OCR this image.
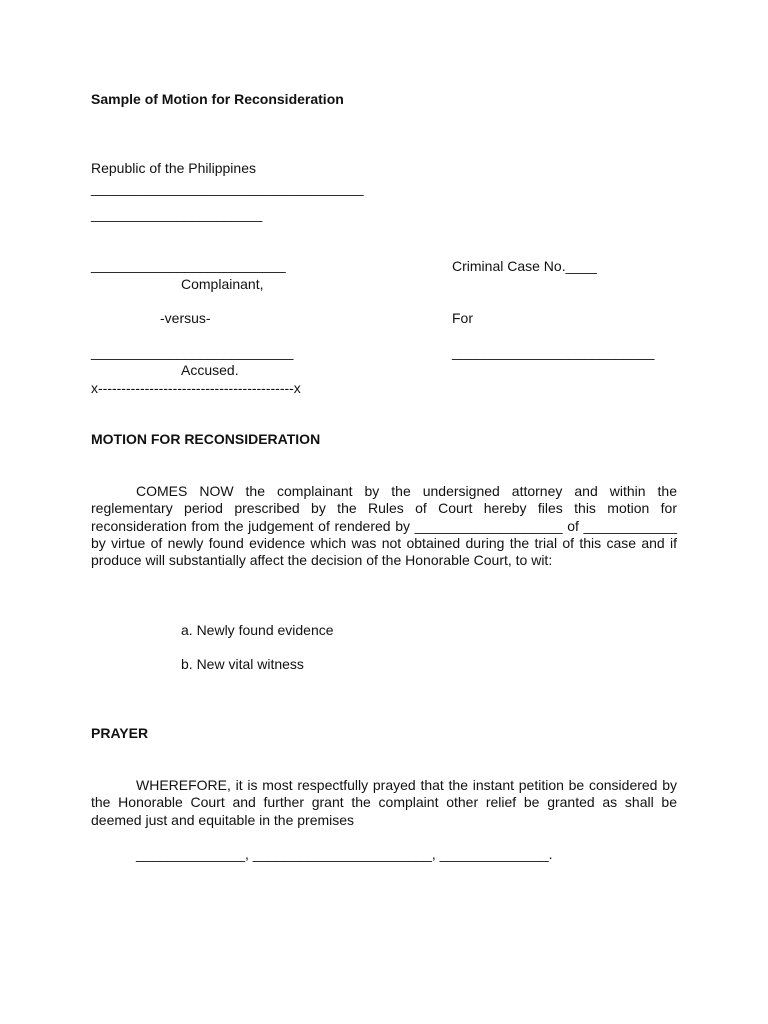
Sample of Motion for Reconsideration
Republic of the Philippines
___________________________________
______________________
_________________________
Complainant,
-versus-
__________________________
Accused.
x------------------------------------------x
Criminal Case No.____
For
__________________________
MOTION FOR RECONSIDERATION
COMES NOW the complainant by the undersigned attorney and within the reglementary period prescribed by the Rules of Court hereby files this motion for reconsideration from the judgement of rendered by ___________________ of ____________ by virtue of newly found evidence which was not obtained during the trial of this case and if produce will substantially affect the decision of the Honorable Court, to wit:
a. Newly found evidence
b. New vital witness
PRAYER
WHEREFORE, it is most respectfully prayed that the instant petition be considered by the Honorable Court and further grant the complaint other relief be granted as shall be deemed just and equitable in the premises
______________, _______________________, ______________.
